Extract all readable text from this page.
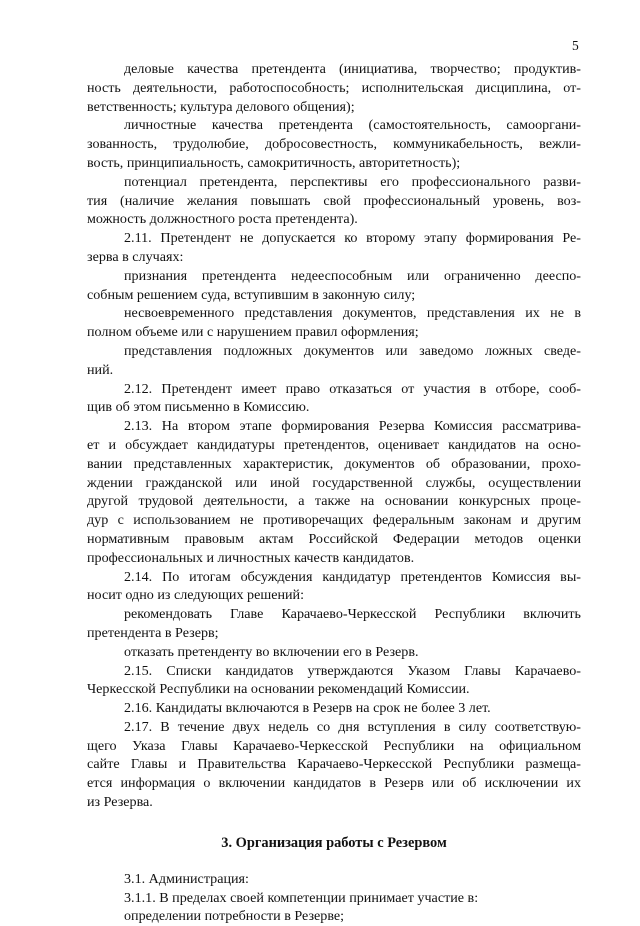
5
деловые качества претендента (инициатива, творчество; продуктив-
ность деятельности, работоспособность; исполнительская дисциплина, от-
ветственность; культура делового общения);
личностные качества претендента (самостоятельность, самооргани-
зованность, трудолюбие, добросовестность, коммуникабельность, вежли-
вость, принципиальность, самокритичность, авторитетность);
потенциал претендента, перспективы его профессионального разви-
тия (наличие желания повышать свой профессиональный уровень, воз-
можность должностного роста претендента).
2.11. Претендент не допускается ко второму этапу формирования Ре-
зерва в случаях:
признания претендента недееспособным или ограниченно дееспо-
собным решением суда, вступившим в законную силу;
несвоевременного представления документов, представления их не в
полном объеме или с нарушением правил оформления;
представления подложных документов или заведомо ложных сведе-
ний.
2.12. Претендент имеет право отказаться от участия в отборе, сооб-
щив об этом письменно в Комиссию.
2.13. На втором этапе формирования Резерва Комиссия рассматрива-
ет и обсуждает кандидатуры претендентов, оценивает кандидатов на осно-
вании представленных характеристик, документов об образовании, прохо-
ждении гражданской или иной государственной службы, осуществлении
другой трудовой деятельности, а также на основании конкурсных проце-
дур с использованием не противоречащих федеральным законам и другим
нормативным правовым актам Российской Федерации методов оценки
профессиональных и личностных качеств кандидатов.
2.14. По итогам обсуждения кандидатур претендентов Комиссия вы-
носит одно из следующих решений:
рекомендовать Главе Карачаево-Черкесской Республики включить
претендента в Резерв;
отказать претенденту во включении его в Резерв.
2.15. Списки кандидатов утверждаются Указом Главы Карачаево-
Черкесской Республики на основании рекомендаций Комиссии.
2.16. Кандидаты включаются в Резерв на срок не более 3 лет.
2.17. В течение двух недель со дня вступления в силу соответствую-
щего Указа Главы Карачаево-Черкесской Республики на официальном
сайте Главы и Правительства Карачаево-Черкесской Республики размеща-
ется информация о включении кандидатов в Резерв или об исключении их
из Резерва.
3. Организация работы с Резервом
3.1. Администрация:
3.1.1. В пределах своей компетенции принимает участие в:
определении потребности в Резерве;
